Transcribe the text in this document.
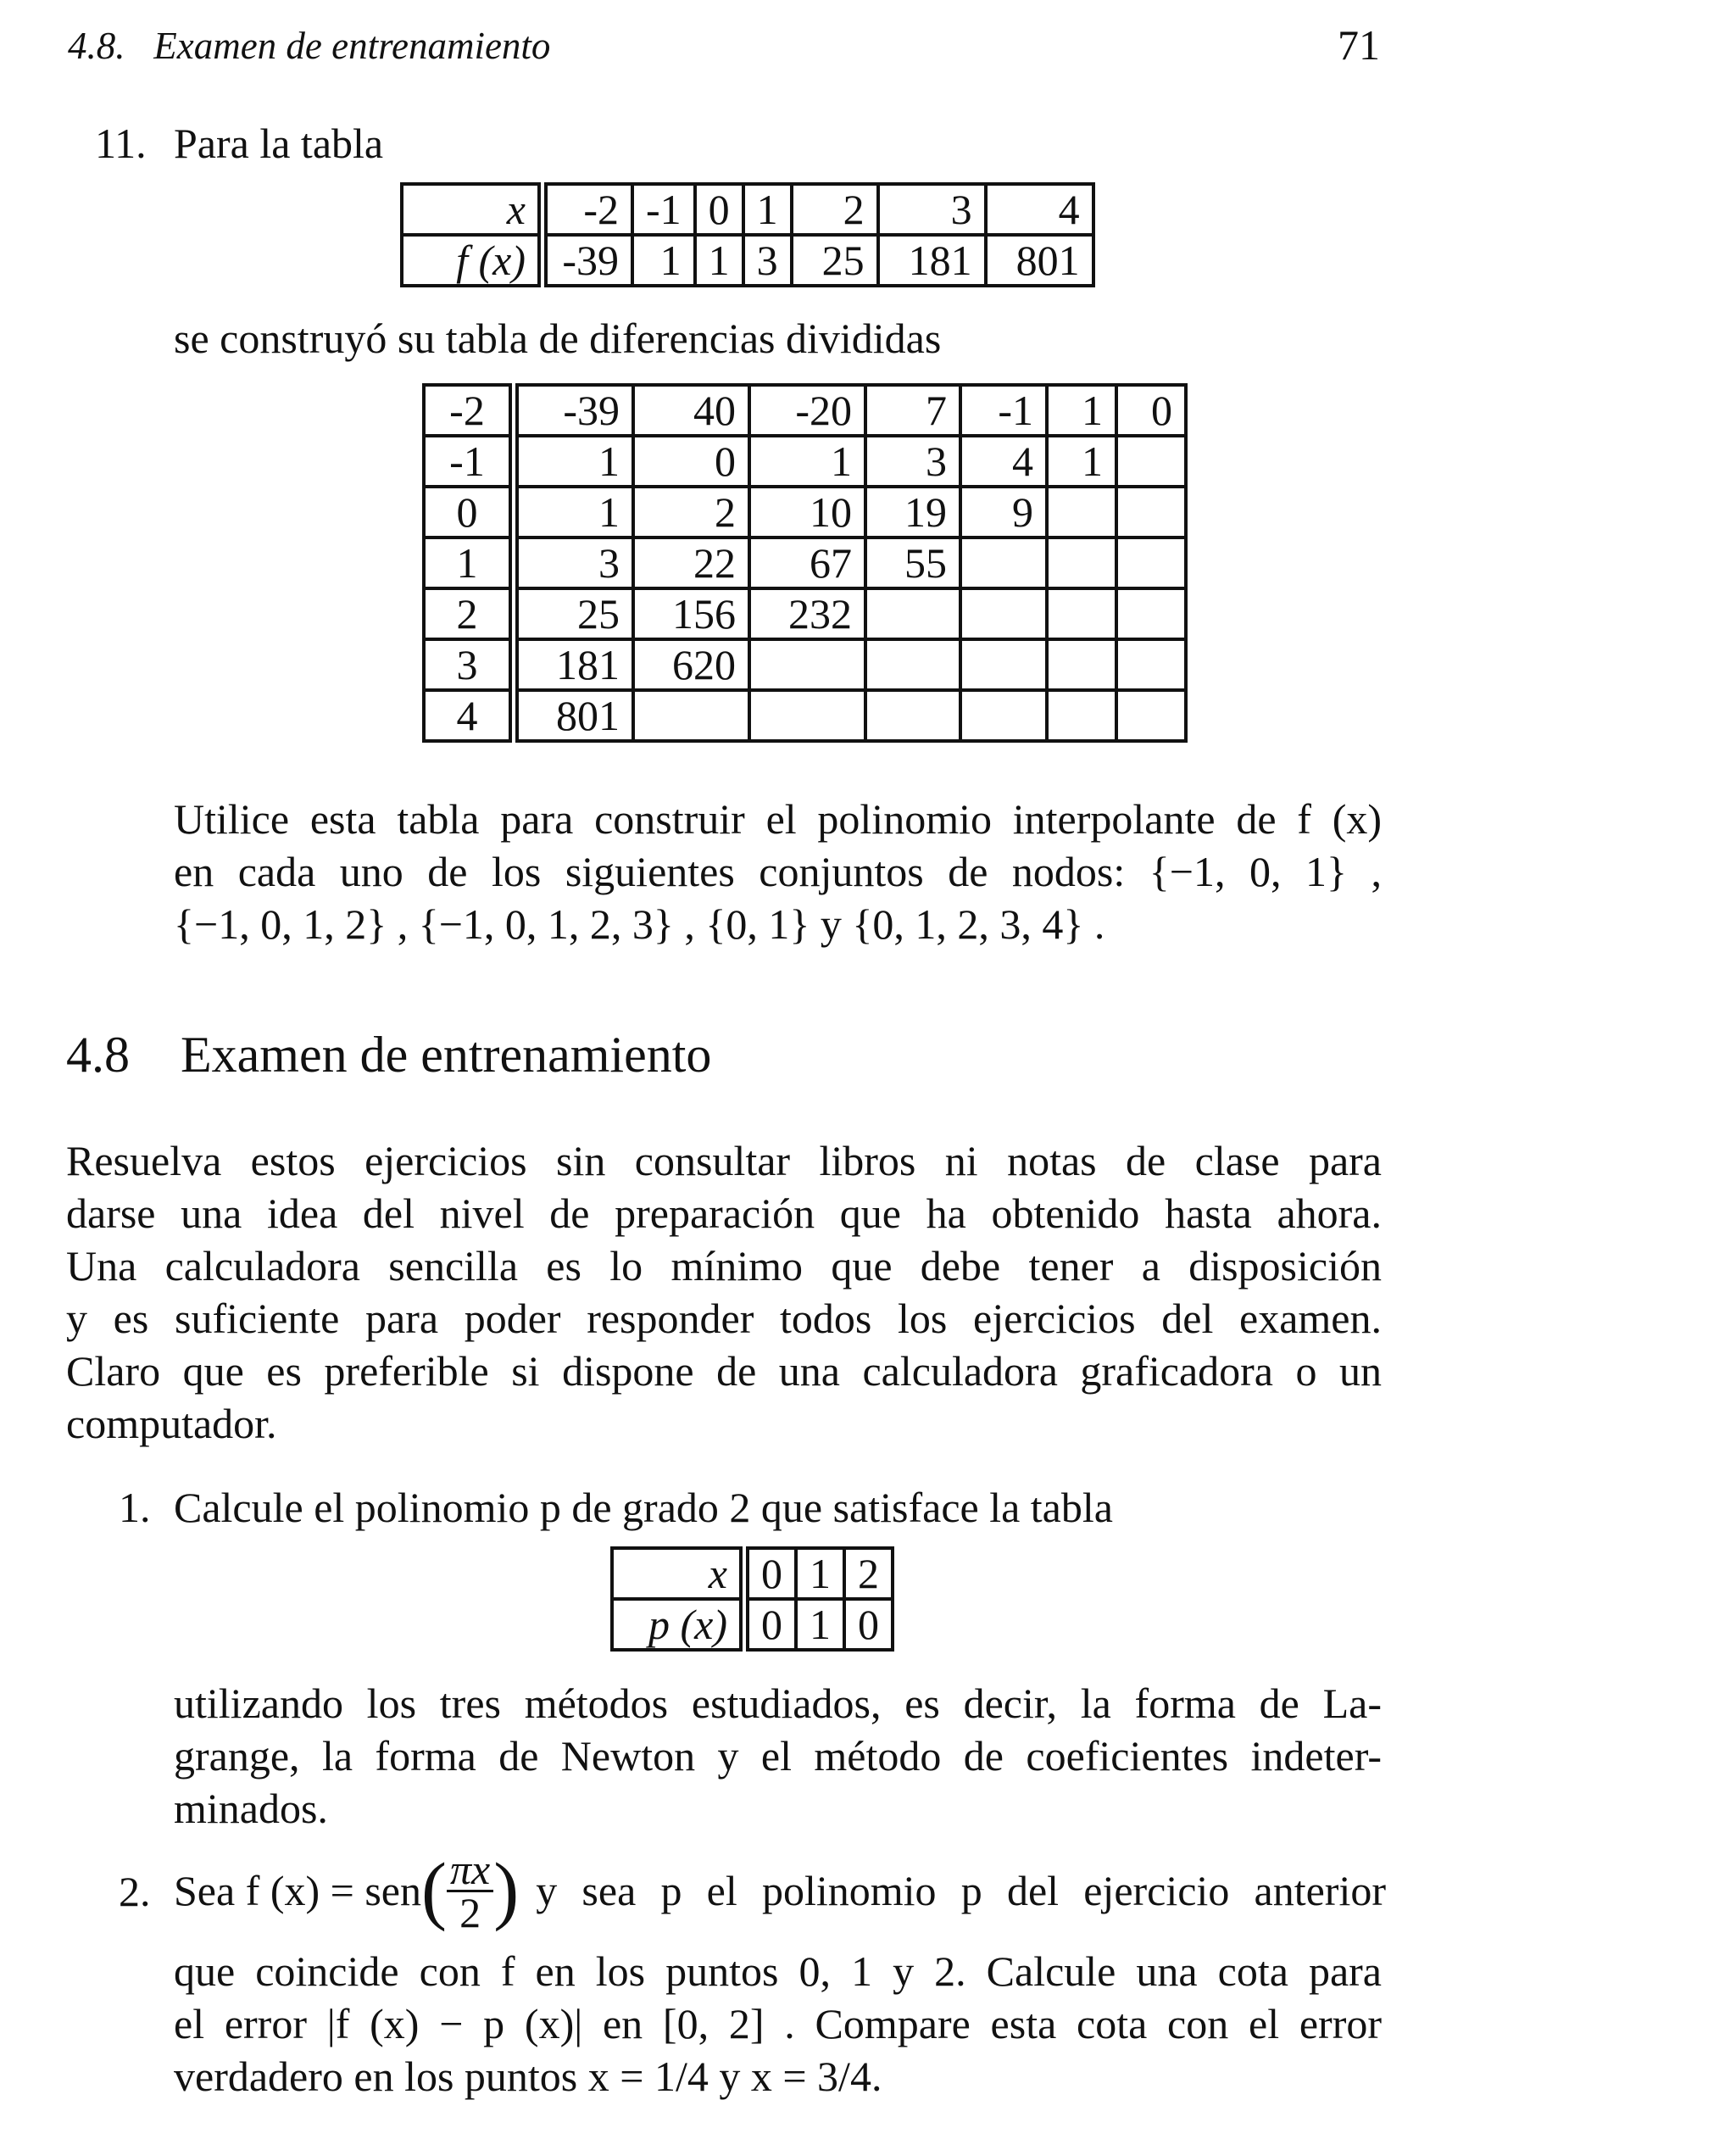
4.8. Examen de entrenamiento	71
11. Para la tabla
x	-2	-1	0	1	2	3	4
f (x)	-39	1	1	3	25	181	801
se construyó su tabla de diferencias divididas
-2	-39	40	-20	7	-1	1	0
-1	1	0	1	3	4	1	
0	1	2	10	19	9		
1	3	22	67	55			
2	25	156	232				
3	181	620					
4	801						
Utilice esta tabla para construir el polinomio interpolante de f (x)
en cada uno de los siguientes conjuntos de nodos: {−1, 0, 1} ,
{−1, 0, 1, 2} , {−1, 0, 1, 2, 3} , {0, 1} y {0, 1, 2, 3, 4} .
4.8 Examen de entrenamiento
Resuelva estos ejercicios sin consultar libros ni notas de clase para
darse una idea del nivel de preparación que ha obtenido hasta ahora.
Una calculadora sencilla es lo mínimo que debe tener a disposición
y es suficiente para poder responder todos los ejercicios del examen.
Claro que es preferible si dispone de una calculadora graficadora o un
computador.
1. Calcule el polinomio p de grado 2 que satisface la tabla
x	0	1	2
p (x)	0	1	0
utilizando los tres métodos estudiados, es decir, la forma de La-
grange, la forma de Newton y el método de coeficientes indeter-
minados.
2. Sea f (x) = sen ( $\frac{\pi x}{2}$ ) y sea p el polinomio p del ejercicio anterior
que coincide con f en los puntos 0, 1 y 2. Calcule una cota para
el error |f (x) − p (x)| en [0, 2] . Compare esta cota con el error
verdadero en los puntos x = 1/4 y x = 3/4.
